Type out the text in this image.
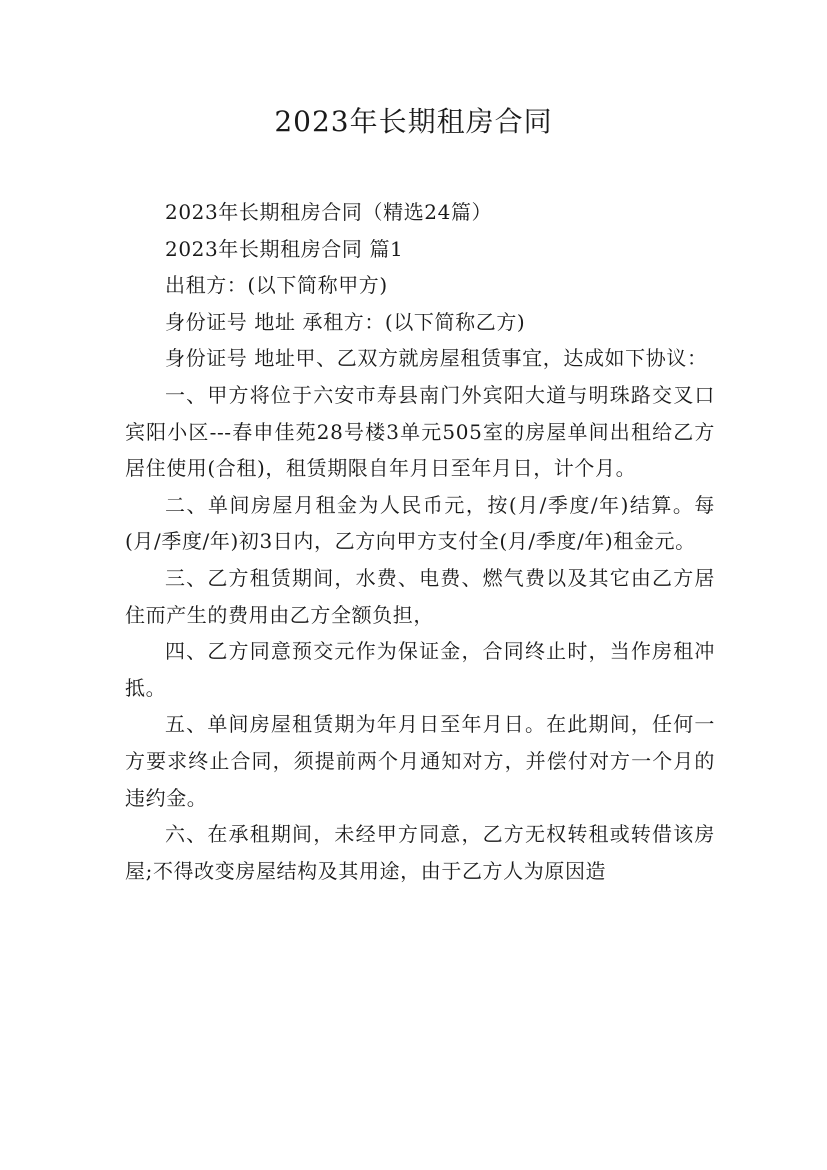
2023年长期租房合同

2023年长期租房合同（精选24篇）

2023年长期租房合同 篇1

出租方：(以下简称甲方)

身份证号 地址 承租方：(以下简称乙方)

身份证号 地址甲、乙双方就房屋租赁事宜，达成如下协议：

一、甲方将位于六安市寿县南门外宾阳大道与明珠路交叉口宾阳小区---春申佳苑28号楼3单元505室的房屋单间出租给乙方居住使用(合租)，租赁期限自年月日至年月日，计个月。

二、单间房屋月租金为人民币元，按(月/季度/年)结算。每(月/季度/年)初3日内，乙方向甲方支付全(月/季度/年)租金元。

三、乙方租赁期间，水费、电费、燃气费以及其它由乙方居住而产生的费用由乙方全额负担，

四、乙方同意预交元作为保证金，合同终止时，当作房租冲抵。

五、单间房屋租赁期为年月日至年月日。在此期间，任何一方要求终止合同，须提前两个月通知对方，并偿付对方一个月的违约金。

六、在承租期间，未经甲方同意，乙方无权转租或转借该房屋;不得改变房屋结构及其用途，由于乙方人为原因造
